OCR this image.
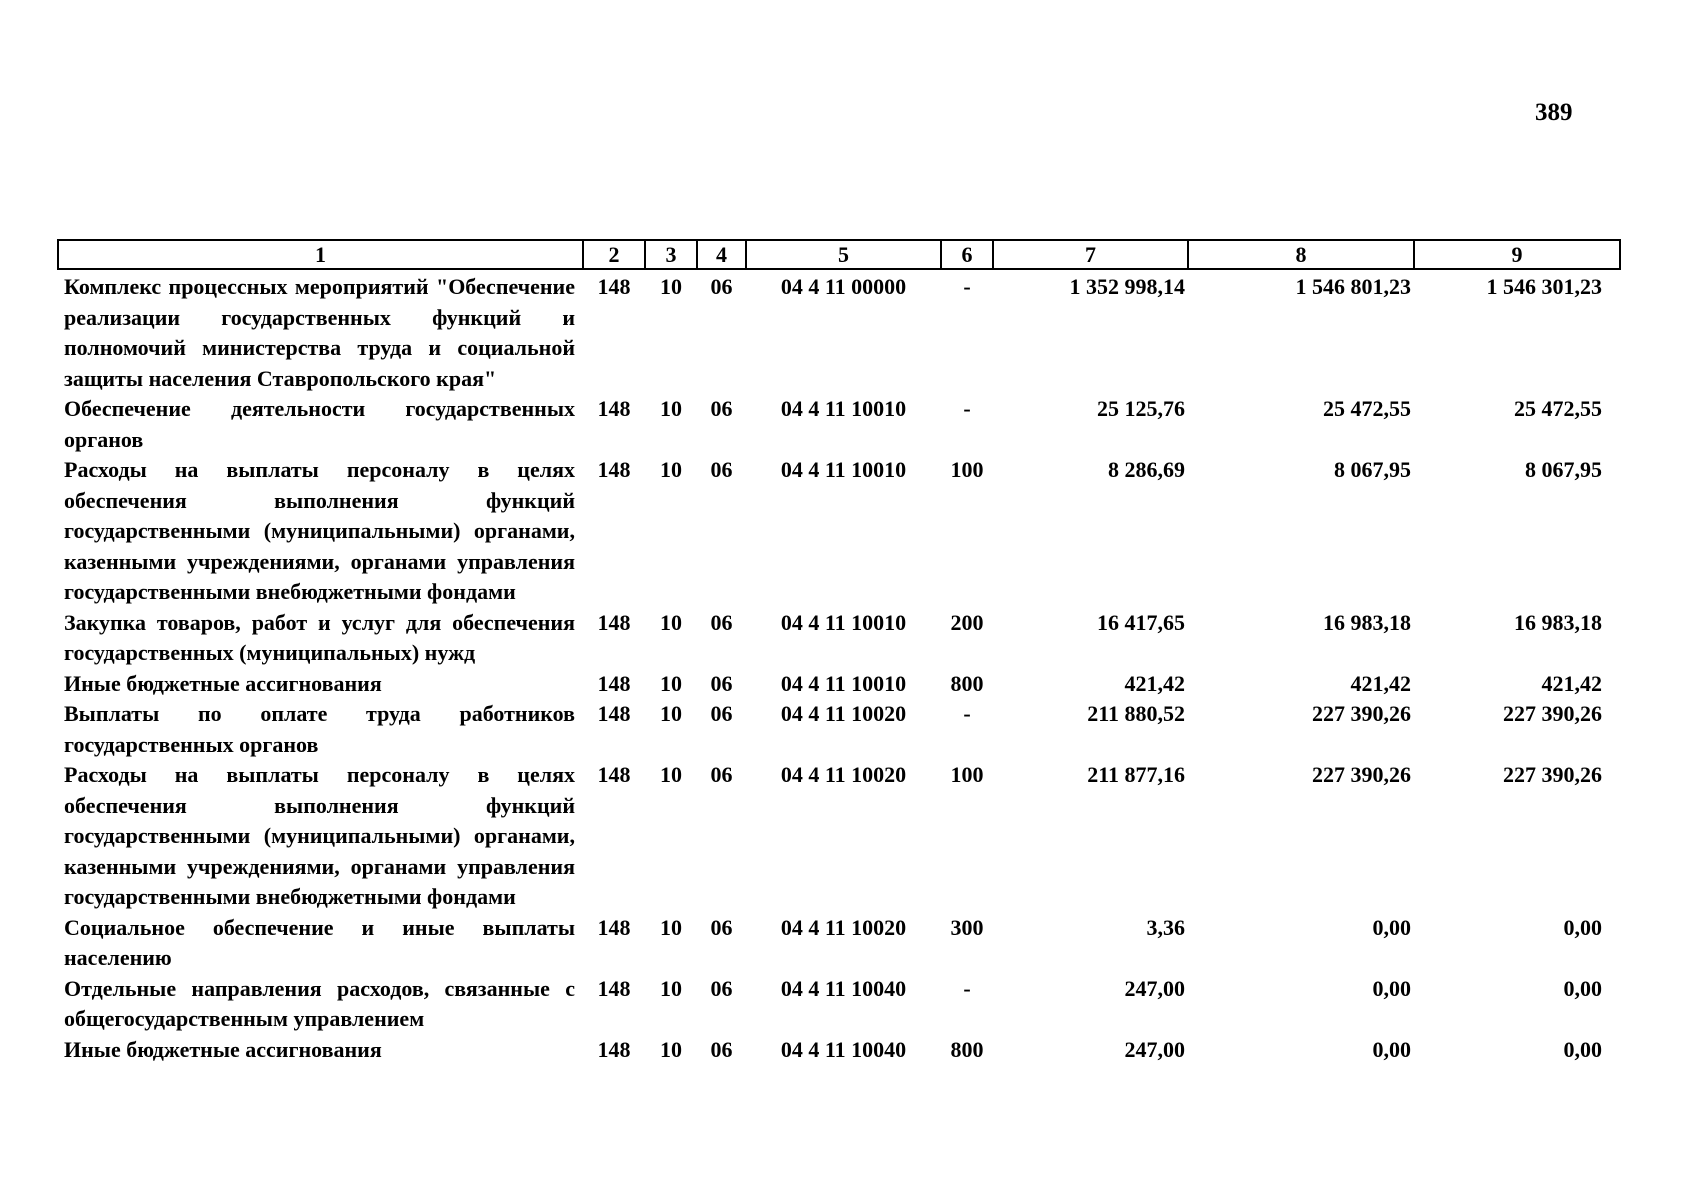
389
1	2	3	4	5	6	7	8	9
Комплекс процессных мероприятий "Обеспечение реализации государственных функций и полномочий министерства труда и социальной защиты населения Ставропольского края"	148	10	06	04 4 11 00000	-	1 352 998,14	1 546 801,23	1 546 301,23
Обеспечение деятельности государственных органов	148	10	06	04 4 11 10010	-	25 125,76	25 472,55	25 472,55
Расходы на выплаты персоналу в целях обеспечения выполнения функций государственными (муниципальными) органами, казенными учреждениями, органами управления государственными внебюджетными фондами	148	10	06	04 4 11 10010	100	8 286,69	8 067,95	8 067,95
Закупка товаров, работ и услуг для обеспечения государственных (муниципальных) нужд	148	10	06	04 4 11 10010	200	16 417,65	16 983,18	16 983,18
Иные бюджетные ассигнования	148	10	06	04 4 11 10010	800	421,42	421,42	421,42
Выплаты по оплате труда работников государственных органов	148	10	06	04 4 11 10020	-	211 880,52	227 390,26	227 390,26
Расходы на выплаты персоналу в целях обеспечения выполнения функций государственными (муниципальными) органами, казенными учреждениями, органами управления государственными внебюджетными фондами	148	10	06	04 4 11 10020	100	211 877,16	227 390,26	227 390,26
Социальное обеспечение и иные выплаты населению	148	10	06	04 4 11 10020	300	3,36	0,00	0,00
Отдельные направления расходов, связанные с общегосударственным управлением	148	10	06	04 4 11 10040	-	247,00	0,00	0,00
Иные бюджетные ассигнования	148	10	06	04 4 11 10040	800	247,00	0,00	0,00
